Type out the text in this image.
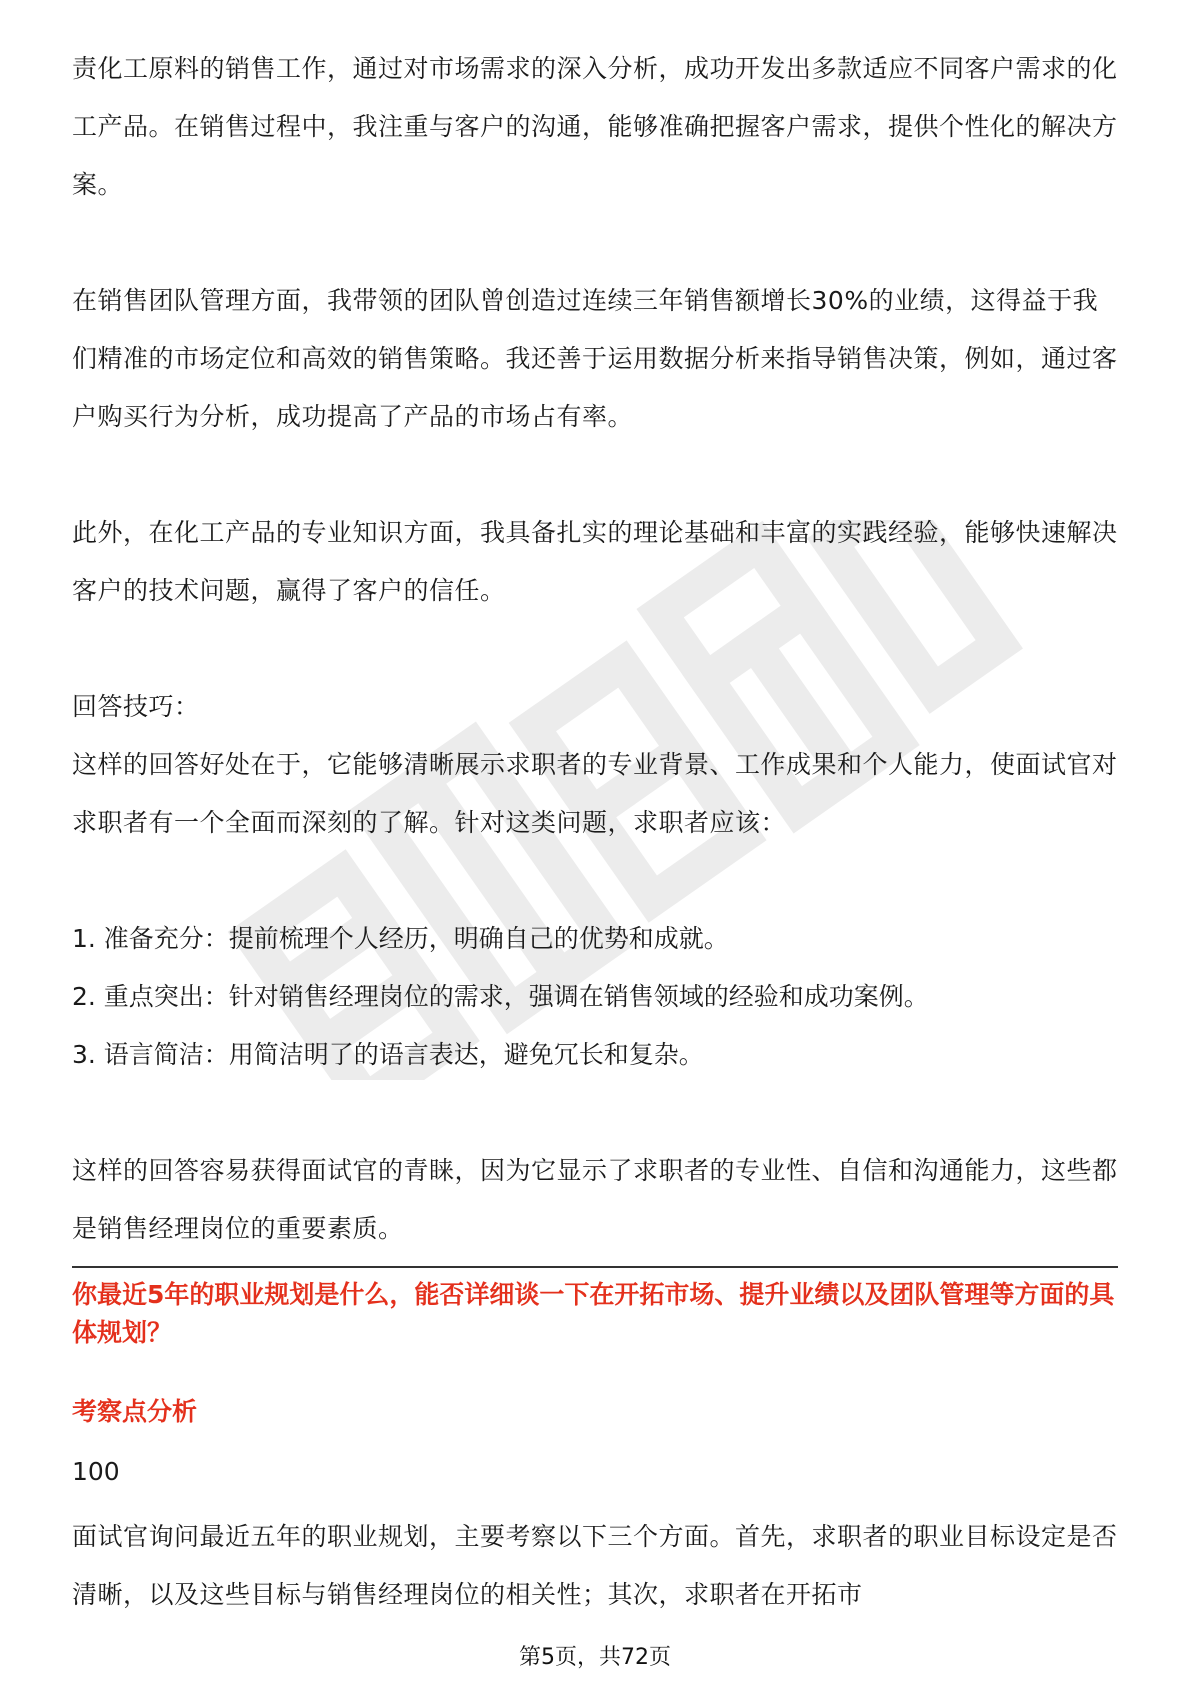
责化工原料的销售工作，通过对市场需求的深入分析，成功开发出多款适应不同客户需求的化工产品。在销售过程中，我注重与客户的沟通，能够准确把握客户需求，提供个性化的解决方案。

在销售团队管理方面，我带领的团队曾创造过连续三年销售额增长30%的业绩，这得益于我们精准的市场定位和高效的销售策略。我还善于运用数据分析来指导销售决策，例如，通过客户购买行为分析，成功提高了产品的市场占有率。

此外，在化工产品的专业知识方面，我具备扎实的理论基础和丰富的实践经验，能够快速解决客户的技术问题，赢得了客户的信任。

回答技巧：

这样的回答好处在于，它能够清晰展示求职者的专业背景、工作成果和个人能力，使面试官对求职者有一个全面而深刻的了解。针对这类问题，求职者应该：

1. 准备充分：提前梳理个人经历，明确自己的优势和成就。

2. 重点突出：针对销售经理岗位的需求，强调在销售领域的经验和成功案例。

3. 语言简洁：用简洁明了的语言表达，避免冗长和复杂。

这样的回答容易获得面试官的青睐，因为它显示了求职者的专业性、自信和沟通能力，这些都是销售经理岗位的重要素质。

你最近5年的职业规划是什么，能否详细谈一下在开拓市场、提升业绩以及团队管理等方面的具体规划？

考察点分析

100

面试官询问最近五年的职业规划，主要考察以下三个方面。首先，求职者的职业目标设定是否清晰，以及这些目标与销售经理岗位的相关性；其次，求职者在开拓市

第5页，共72页
